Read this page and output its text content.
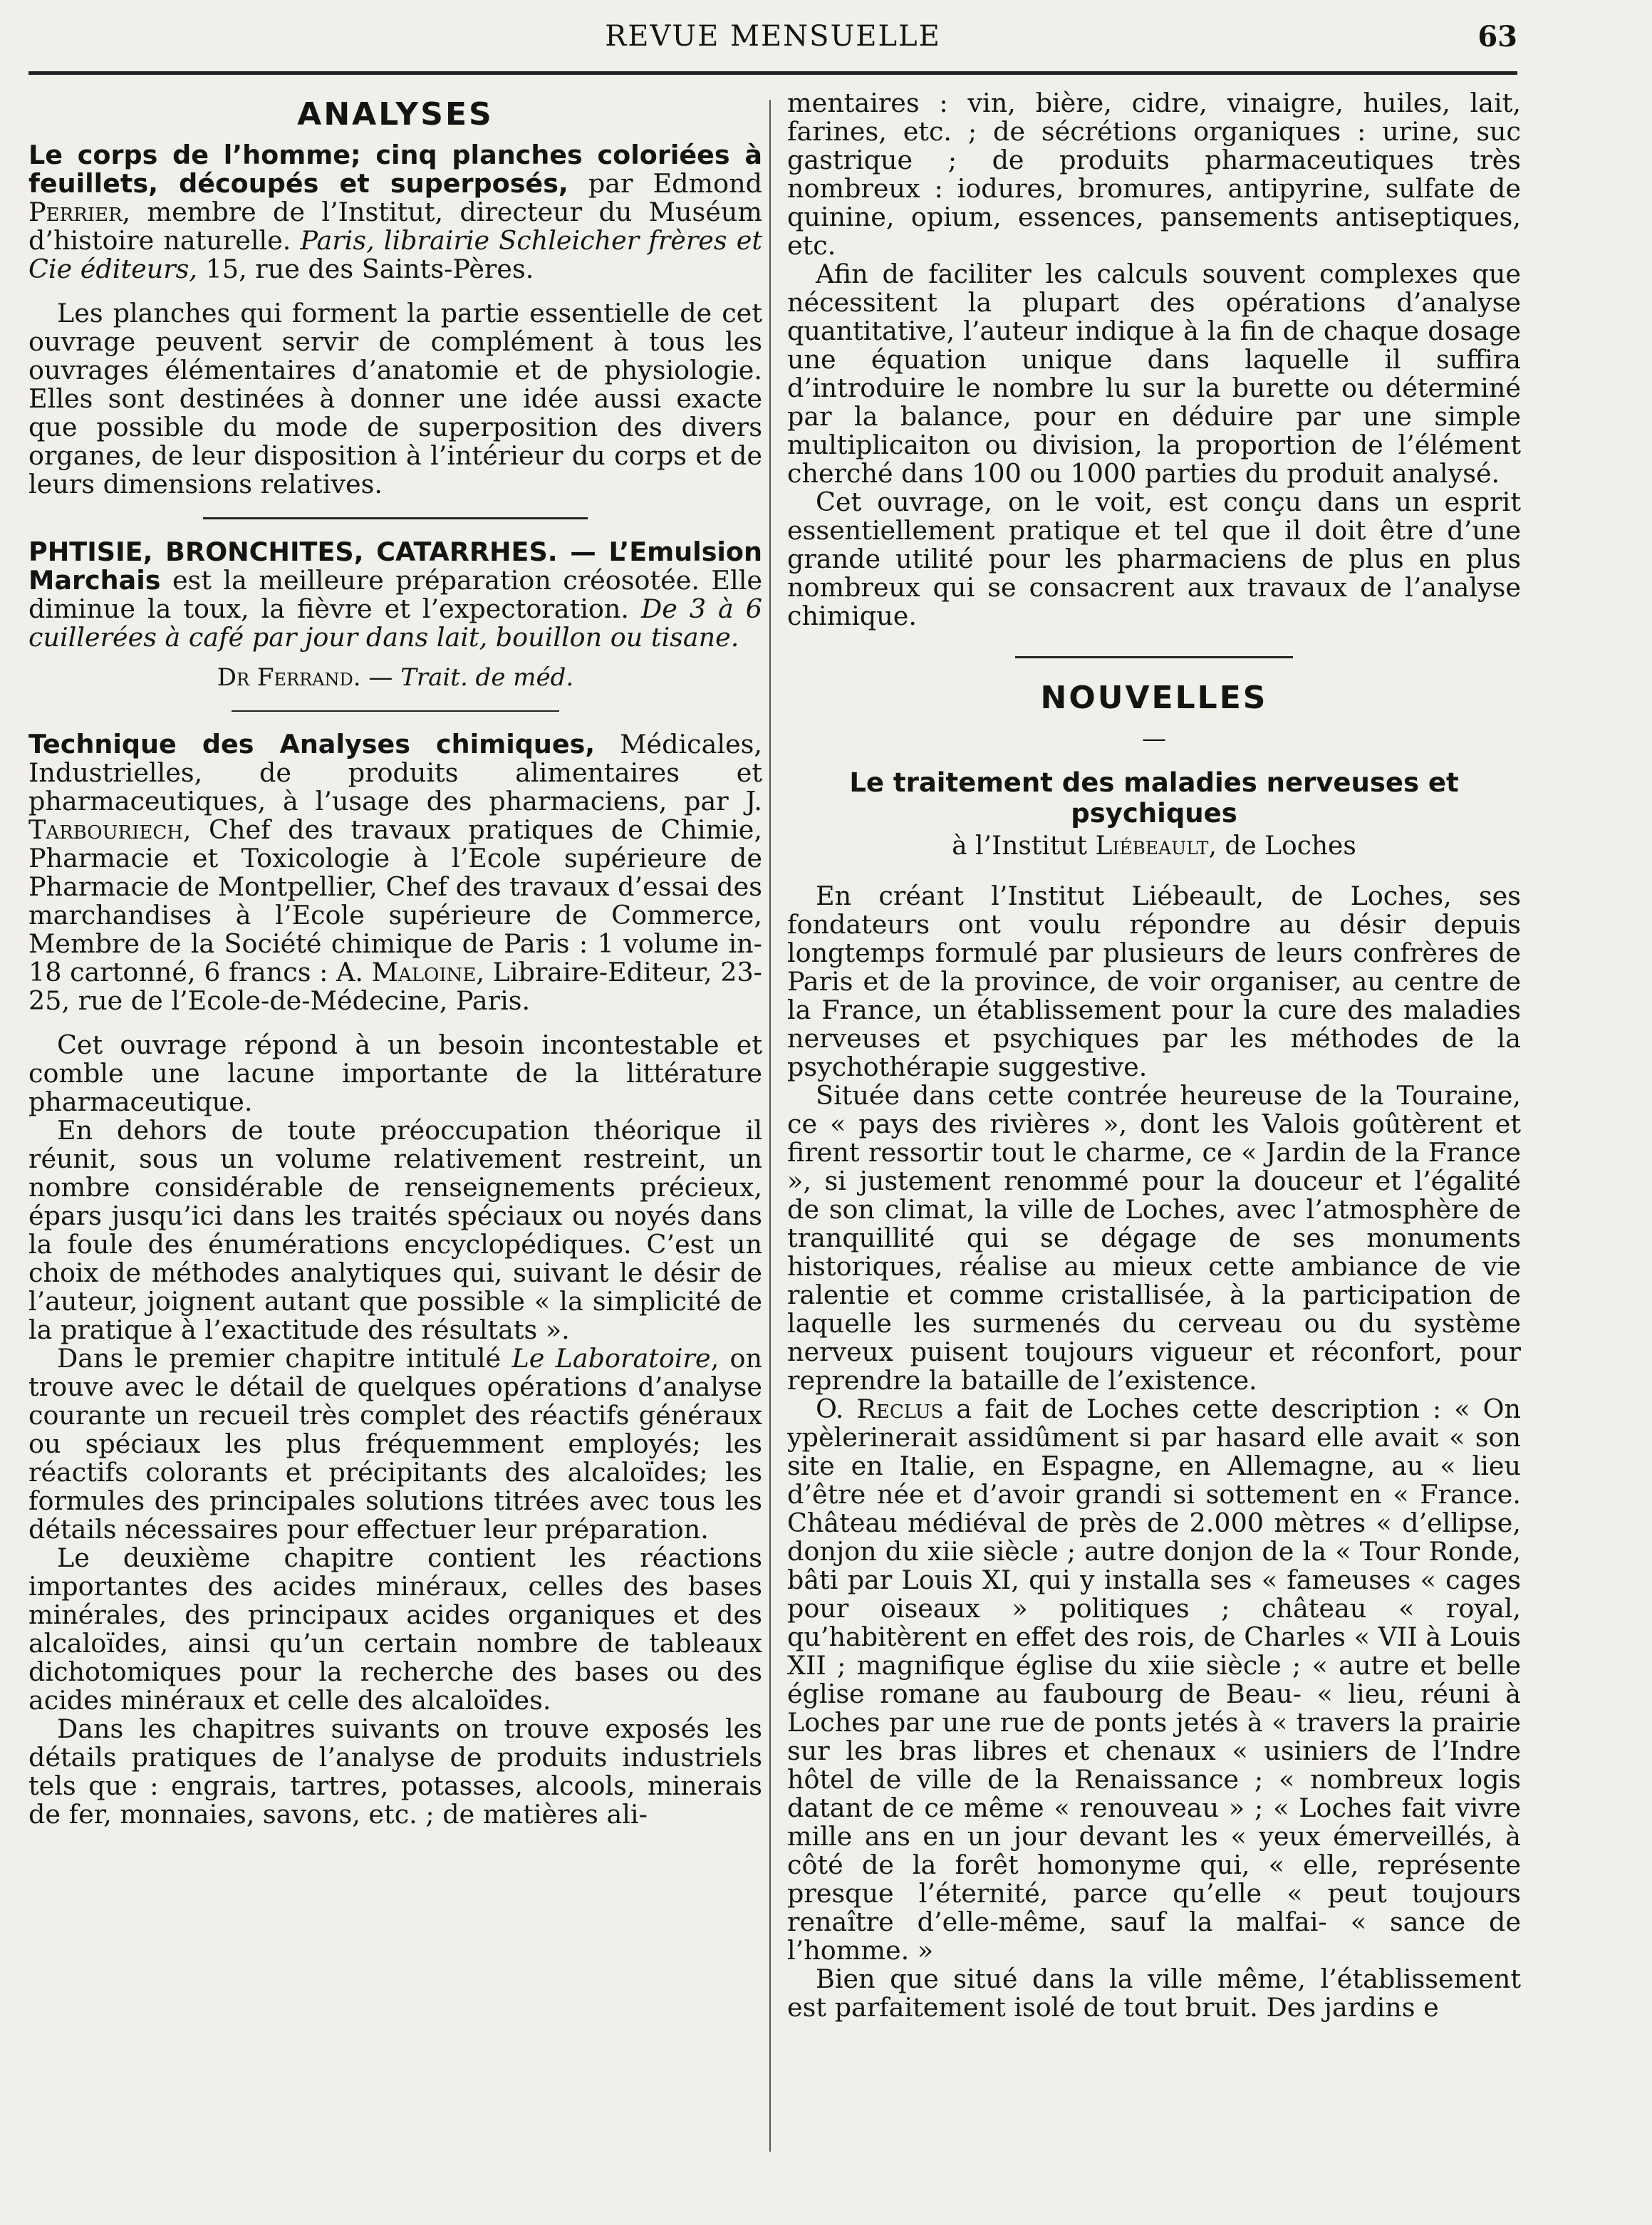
REVUE MENSUELLE	63
ANALYSES

Le corps de l’homme; cinq planches coloriées à feuillets, découpés et superposés, par Edmond Perrier, membre de l’Institut, directeur du Muséum d’histoire naturelle. Paris, librairie Schleicher frères et Cie éditeurs, 15, rue des Saints-Pères.

Les planches qui forment la partie essentielle de cet ouvrage peuvent servir de complément à tous les ouvrages élémentaires d’anatomie et de physiologie. Elles sont destinées à donner une idée aussi exacte que possible du mode de superposition des divers organes, de leur disposition à l’intérieur du corps et de leurs dimensions relatives.

PHTISIE, BRONCHITES, CATARRHES. — L’Emulsion Marchais est la meilleure préparation créosotée. Elle diminue la toux, la fièvre et l’expectoration. De 3 à 6 cuillerées à café par jour dans lait, bouillon ou tisane.

Dr Ferrand. — Trait. de méd.

Technique des Analyses chimiques, Médicales, Industrielles, de produits alimentaires et pharmaceutiques, à l’usage des pharmaciens, par J. Tarbouriech, Chef des travaux pratiques de Chimie, Pharmacie et Toxicologie à l’Ecole supérieure de Pharmacie de Montpellier, Chef des travaux d’essai des marchandises à l’Ecole supérieure de Commerce, Membre de la Société chimique de Paris : 1 volume in-18 cartonné, 6 francs : A. Maloine, Libraire-Editeur, 23-25, rue de l’Ecole-de-Médecine, Paris.

Cet ouvrage répond à un besoin incontestable et comble une lacune importante de la littérature pharmaceutique.

En dehors de toute préoccupation théorique il réunit, sous un volume relativement restreint, un nombre considérable de renseignements précieux, épars jusqu’ici dans les traités spéciaux ou noyés dans la foule des énumérations encyclopédiques. C’est un choix de méthodes analytiques qui, suivant le désir de l’auteur, joignent autant que possible « la simplicité de la pratique à l’exactitude des résultats ».

Dans le premier chapitre intitulé Le Laboratoire, on trouve avec le détail de quelques opérations d’analyse courante un recueil très complet des réactifs généraux ou spéciaux les plus fréquemment employés; les réactifs colorants et précipitants des alcaloïdes; les formules des principales solutions titrées avec tous les détails nécessaires pour effectuer leur préparation.

Le deuxième chapitre contient les réactions importantes des acides minéraux, celles des bases minérales, des principaux acides organiques et des alcaloïdes, ainsi qu’un certain nombre de tableaux dichotomiques pour la recherche des bases ou des acides minéraux et celle des alcaloïdes.

Dans les chapitres suivants on trouve exposés les détails pratiques de l’analyse de produits industriels tels que : engrais, tartres, potasses, alcools, minerais de fer, monnaies, savons, etc. ; de matières ali-

mentaires : vin, bière, cidre, vinaigre, huiles, lait, farines, etc. ; de sécrétions organiques : urine, suc gastrique ; de produits pharmaceutiques très nombreux : iodures, bromures, antipyrine, sulfate de quinine, opium, essences, pansements antiseptiques, etc.

Afin de faciliter les calculs souvent complexes que nécessitent la plupart des opérations d’analyse quantitative, l’auteur indique à la fin de chaque dosage une équation unique dans laquelle il suffira d’introduire le nombre lu sur la burette ou déterminé par la balance, pour en déduire par une simple multiplicaiton ou division, la proportion de l’élément cherché dans 100 ou 1000 parties du produit analysé.

Cet ouvrage, on le voit, est conçu dans un esprit essentiellement pratique et tel que il doit être d’une grande utilité pour les pharmaciens de plus en plus nombreux qui se consacrent aux travaux de l’analyse chimique.

NOUVELLES
—
Le traitement des maladies nerveuses et psychiques
à l’Institut Liébeault, de Loches

En créant l’Institut Liébeault, de Loches, ses fondateurs ont voulu répondre au désir depuis longtemps formulé par plusieurs de leurs confrères de Paris et de la province, de voir organiser, au centre de la France, un établissement pour la cure des maladies nerveuses et psychiques par les méthodes de la psychothérapie suggestive.

Située dans cette contrée heureuse de la Touraine, ce « pays des rivières », dont les Valois goûtèrent et firent ressortir tout le charme, ce « Jardin de la France », si justement renommé pour la douceur et l’égalité de son climat, la ville de Loches, avec l’atmosphère de tranquillité qui se dégage de ses monuments historiques, réalise au mieux cette ambiance de vie ralentie et comme cristallisée, à la participation de laquelle les surmenés du cerveau ou du système nerveux puisent toujours vigueur et réconfort, pour reprendre la bataille de l’existence.

O. Reclus a fait de Loches cette description : « On ypèlerinerait assidûment si par hasard elle avait « son site en Italie, en Espagne, en Allemagne, au « lieu d’être née et d’avoir grandi si sottement en « France. Château médiéval de près de 2.000 mètres « d’ellipse, donjon du xiie siècle ; autre donjon de la « Tour Ronde, bâti par Louis XI, qui y installa ses « fameuses « cages pour oiseaux » politiques ; château « royal, qu’habitèrent en effet des rois, de Charles « VII à Louis XII ; magnifique église du xiie siècle ; « autre et belle église romane au faubourg de Beau- « lieu, réuni à Loches par une rue de ponts jetés à « travers la prairie sur les bras libres et chenaux « usiniers de l’Indre hôtel de ville de la Renaissance ; « nombreux logis datant de ce même « renouveau » ; « Loches fait vivre mille ans en un jour devant les « yeux émerveillés, à côté de la forêt homonyme qui, « elle, représente presque l’éternité, parce qu’elle « peut toujours renaître d’elle-même, sauf la malfai- « sance de l’homme. »

Bien que situé dans la ville même, l’établissement est parfaitement isolé de tout bruit. Des jardins e
